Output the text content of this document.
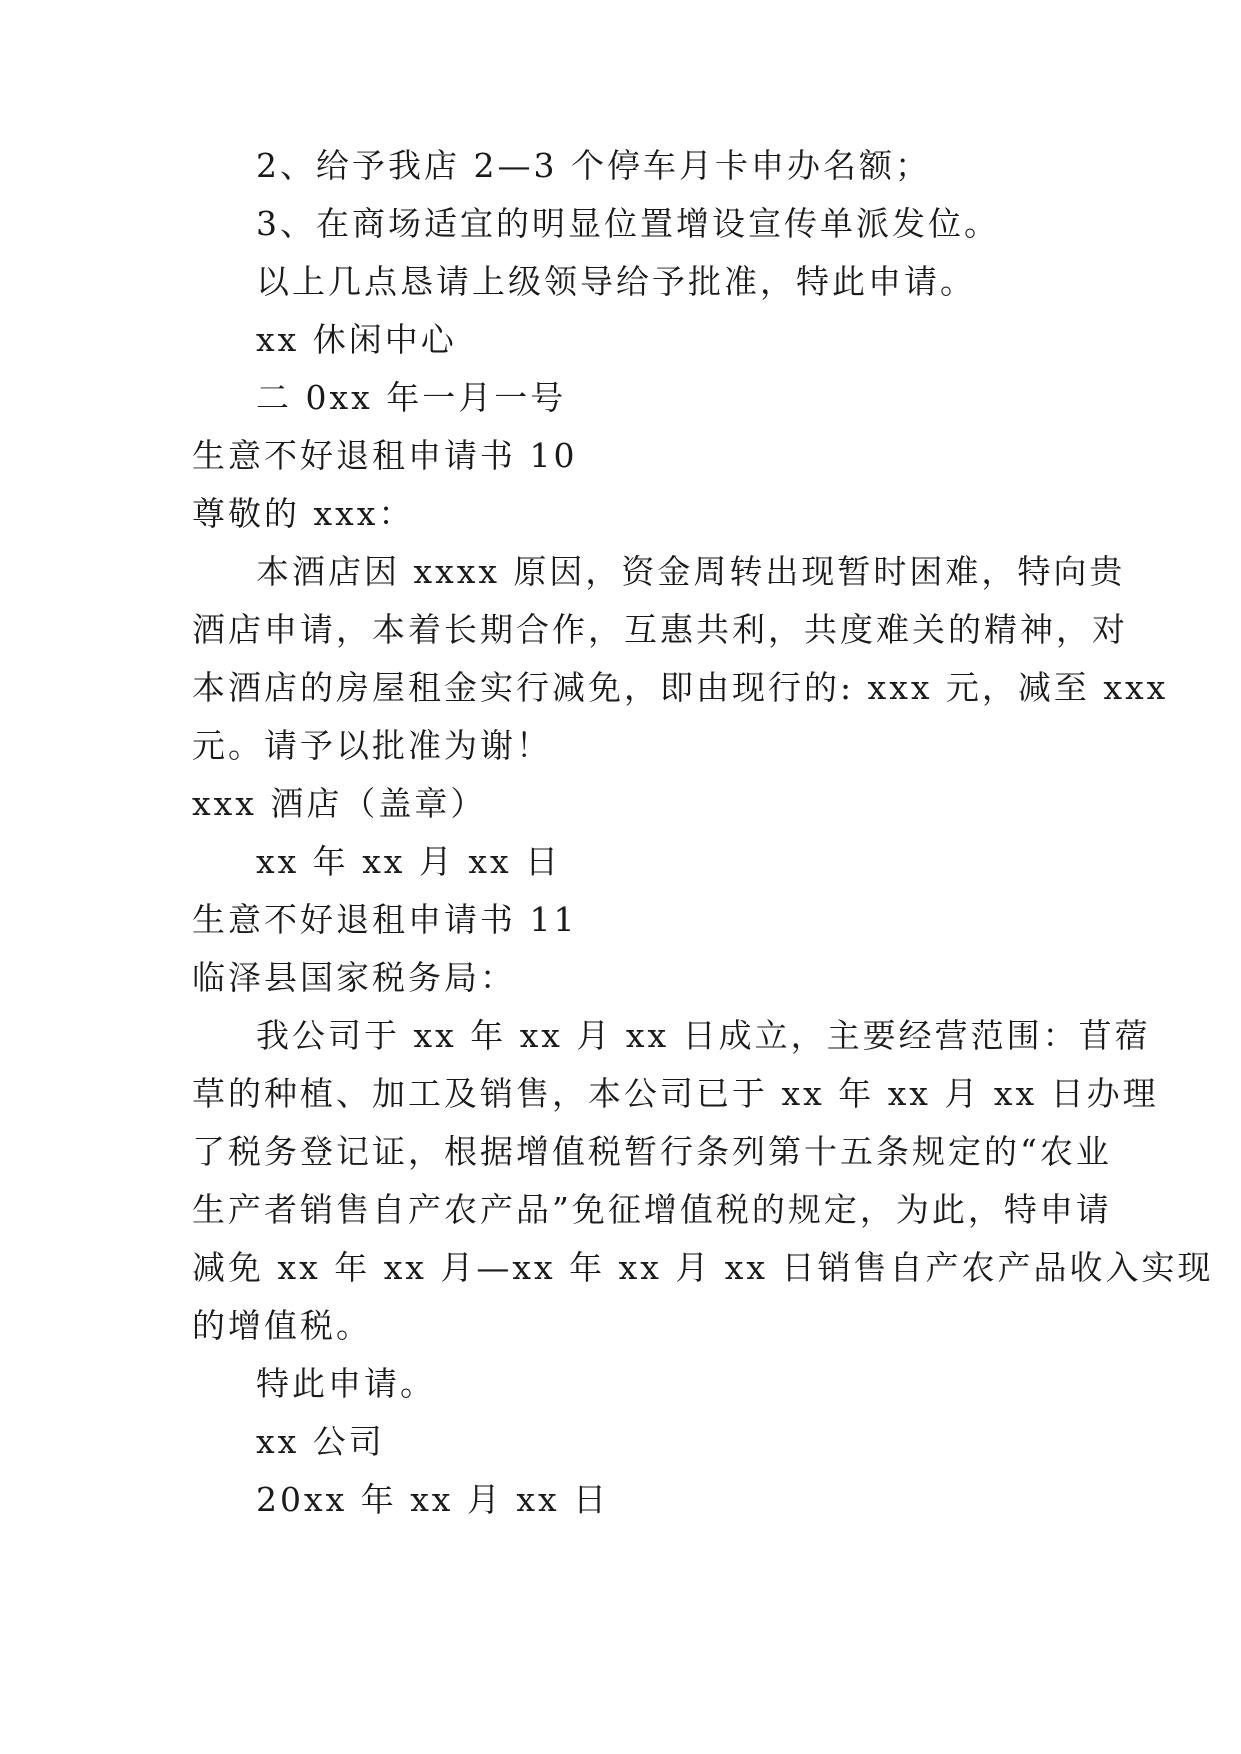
2、给予我店 2—3 个停车月卡申办名额；
3、在商场适宜的明显位置增设宣传单派发位。
以上几点恳请上级领导给予批准，特此申请。
xx 休闲中心
二 0xx 年一月一号
生意不好退租申请书 10
尊敬的 xxx：
本酒店因 xxxx 原因，资金周转出现暂时困难，特向贵
酒店申请，本着长期合作，互惠共利，共度难关的精神，对
本酒店的房屋租金实行减免，即由现行的: xxx 元，减至 xxx
元。请予以批准为谢！
xxx 酒店（盖章）
xx 年 xx 月 xx 日
生意不好退租申请书 11
临泽县国家税务局：
我公司于 xx 年 xx 月 xx 日成立，主要经营范围：苜蓿
草的种植、加工及销售，本公司已于 xx 年 xx 月 xx 日办理
了税务登记证，根据增值税暂行条列第十五条规定的“农业
生产者销售自产农产品”免征增值税的规定，为此，特申请
减免 xx 年 xx 月—xx 年 xx 月 xx 日销售自产农产品收入实现
的增值税。
特此申请。
xx 公司
20xx 年 xx 月 xx 日
